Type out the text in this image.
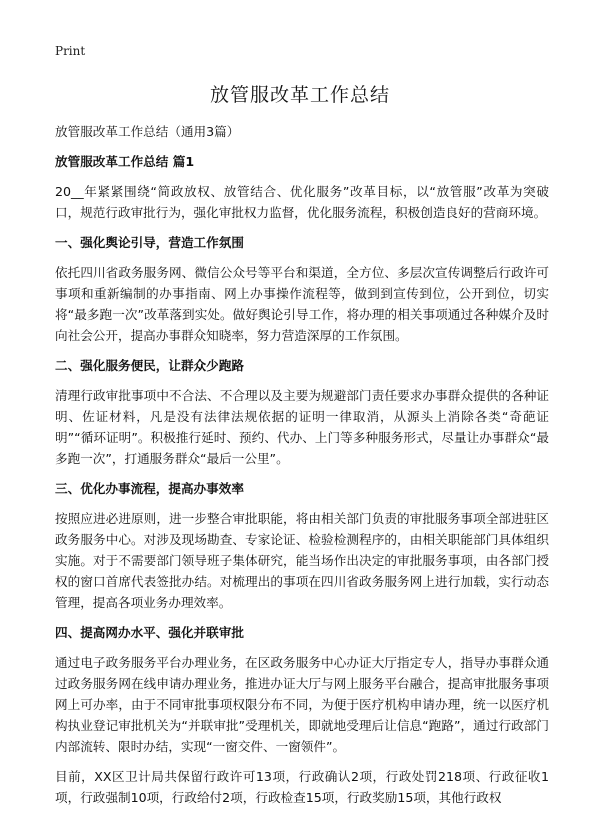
Print
放管服改革工作总结

放管服改革工作总结（通用3篇）

放管服改革工作总结 篇1

20__年紧紧围绕“简政放权、放管结合、优化服务”改革目标，以“放管服”改革为突破口，规范行政审批行为，强化审批权力监督，优化服务流程，积极创造良好的营商环境。

一、强化舆论引导，营造工作氛围

依托四川省政务服务网、微信公众号等平台和渠道，全方位、多层次宣传调整后行政许可事项和重新编制的办事指南、网上办事操作流程等，做到到宣传到位，公开到位，切实将“最多跑一次”改革落到实处。做好舆论引导工作，将办理的相关事项通过各种媒介及时向社会公开，提高办事群众知晓率，努力营造深厚的工作氛围。

二、强化服务便民，让群众少跑路

清理行政审批事项中不合法、不合理以及主要为规避部门责任要求办事群众提供的各种证明、佐证材料，凡是没有法律法规依据的证明一律取消，从源头上消除各类“奇葩证明”“循环证明”。积极推行延时、预约、代办、上门等多种服务形式，尽量让办事群众“最多跑一次”，打通服务群众“最后一公里”。

三、优化办事流程，提高办事效率

按照应进必进原则，进一步整合审批职能，将由相关部门负责的审批服务事项全部进驻区政务服务中心。对涉及现场勘查、专家论证、检验检测程序的，由相关职能部门具体组织实施。对于不需要部门领导班子集体研究，能当场作出决定的审批服务事项，由各部门授权的窗口首席代表签批办结。对梳理出的事项在四川省政务服务网上进行加载，实行动态管理，提高各项业务办理效率。

四、提高网办水平、强化并联审批

通过电子政务服务平台办理业务，在区政务服务中心办证大厅指定专人，指导办事群众通过政务服务网在线申请办理业务，推进办证大厅与网上服务平台融合，提高审批服务事项网上可办率，由于不同审批事项权限分布不同，为便于医疗机构申请办理，统一以医疗机构执业登记审批机关为“并联审批”受理机关，即就地受理后让信息“跑路”，通过行政部门内部流转、限时办结，实现“一窗交件、一窗领件”。

目前，XX区卫计局共保留行政许可13项，行政确认2项，行政处罚218项、行政征收1项，行政强制10项，行政给付2项，行政检查15项，行政奖励15项，其他行政权
